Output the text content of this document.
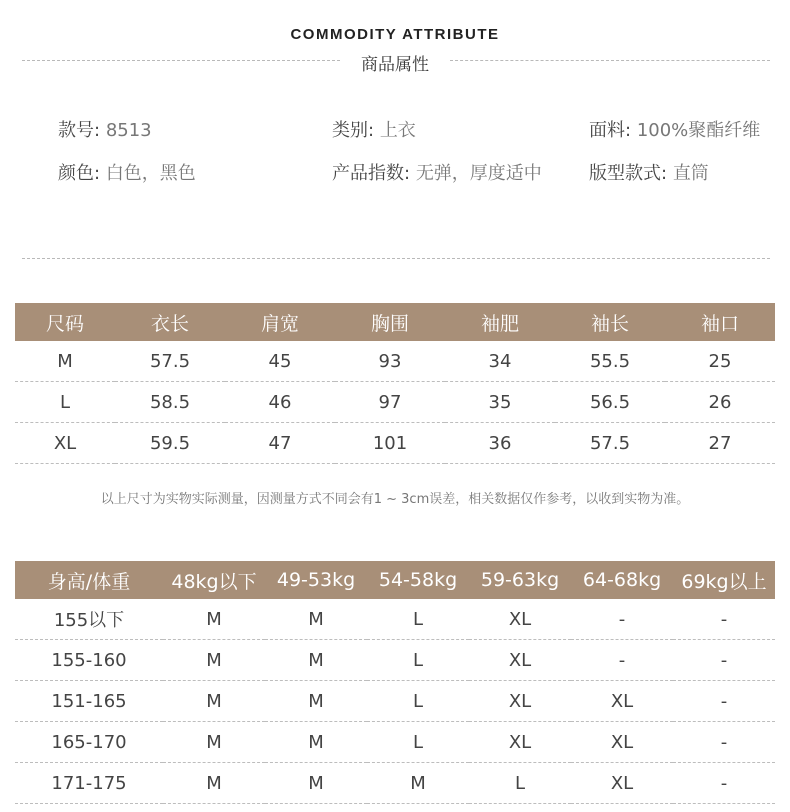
COMMODITY ATTRIBUTE
商品属性
款号: 8513	类别: 上衣	面料: 100%聚酯纤维
颜色: 白色，黑色	产品指数: 无弹，厚度适中	版型款式: 直筒
尺码	衣长	肩宽	胸围	袖肥	袖长	袖口
M	57.5	45	93	34	55.5	25
L	58.5	46	97	35	56.5	26
XL	59.5	47	101	36	57.5	27
以上尺寸为实物实际测量，因测量方式不同会有1 ~ 3cm误差，相关数据仅作参考，以收到实物为准。
身高/体重	48kg以下	49-53kg	54-58kg	59-63kg	64-68kg	69kg以上
155以下	M	M	L	XL	-	-
155-160	M	M	L	XL	-	-
151-165	M	M	L	XL	XL	-
165-170	M	M	L	XL	XL	-
171-175	M	M	M	L	XL	-
